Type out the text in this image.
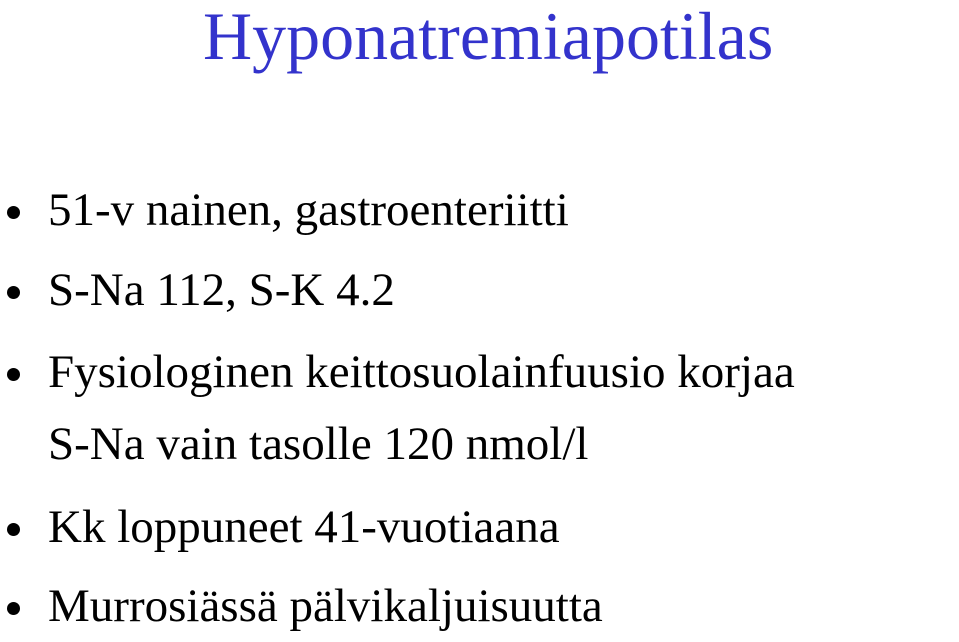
Hyponatremiapotilas
51-v nainen, gastroenteriitti
S-Na 112, S-K 4.2
Fysiologinen keittosuolainfuusio korjaa
S-Na vain tasolle 120 nmol/l
Kk loppuneet 41-vuotiaana
Murrosiässä pälvikaljuisuutta
